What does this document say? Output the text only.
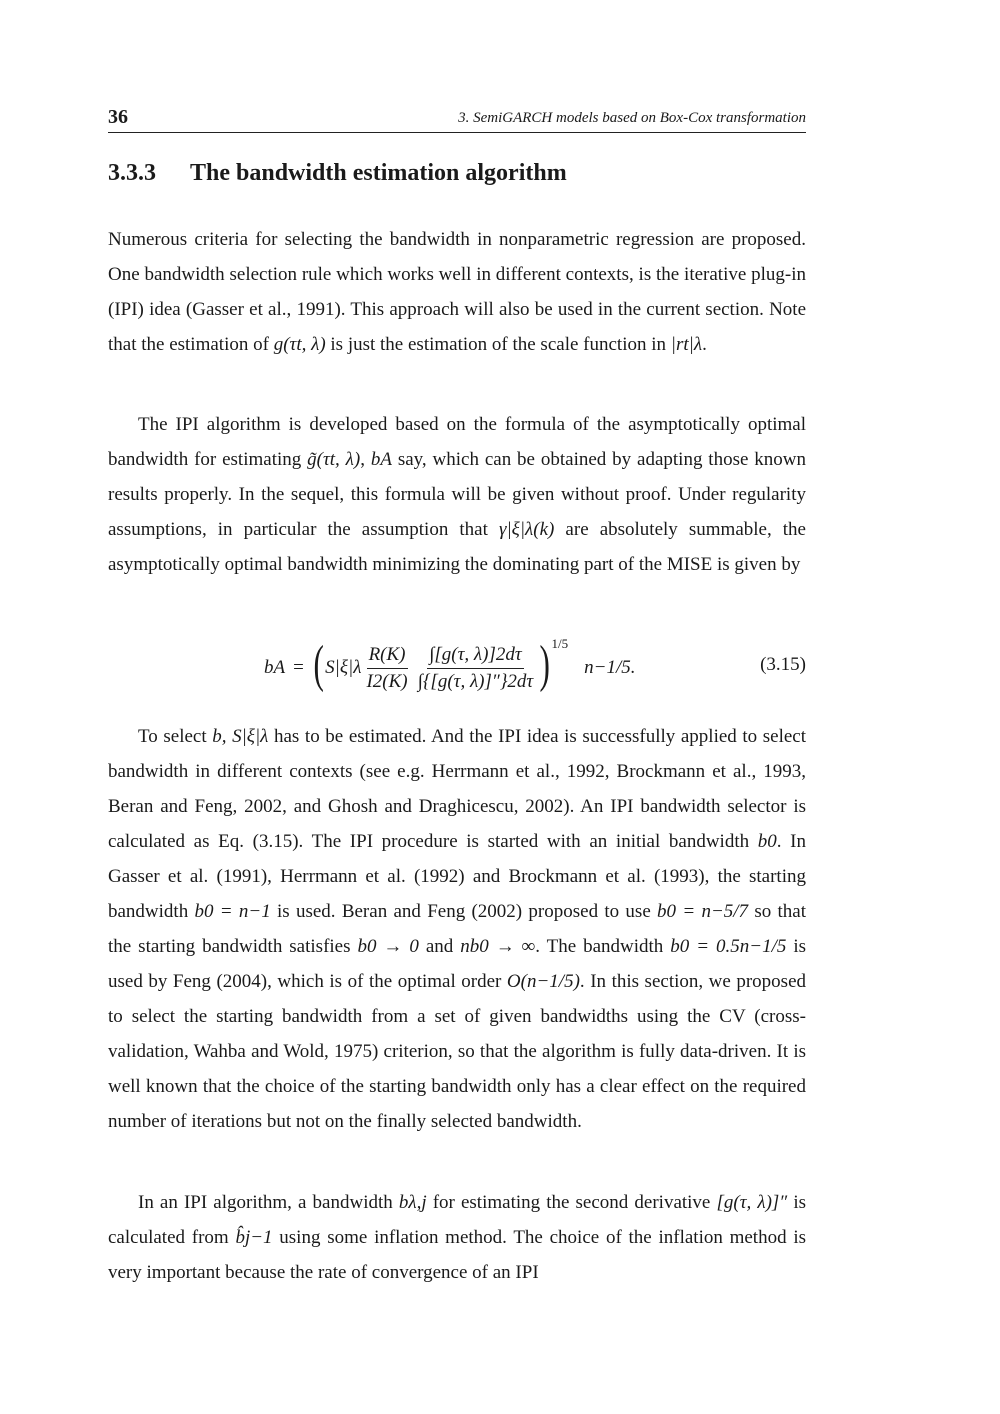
36	3. SemiGARCH models based on Box-Cox transformation
3.3.3 The bandwidth estimation algorithm

Numerous criteria for selecting the bandwidth in nonparametric regression are proposed. One bandwidth selection rule which works well in different contexts, is the iterative plug-in (IPI) idea (Gasser et al., 1991). This approach will also be used in the current section. Note that the estimation of g(τt, λ) is just the estimation of the scale function in |rt|λ.

The IPI algorithm is developed based on the formula of the asymptotically optimal bandwidth for estimating g̃(τt, λ), bA say, which can be obtained by adapting those known results properly. In the sequel, this formula will be given without proof. Under regularity assumptions, in particular the assumption that γ|ξ|λ(k) are absolutely summable, the asymptotically optimal bandwidth minimizing the dominating part of the MISE is given by

bA = ( $S|\xi|\lambda \frac{R(K)}{I2(K)} \frac{\int[g(\tau, \lambda)]2d\tau}{\int\{[g(\tau, \lambda)]''\}2d\tau}$ ) 1/5
n−1/5.	(3.15)

To select b, S|ξ|λ has to be estimated. And the IPI idea is successfully applied to select bandwidth in different contexts (see e.g. Herrmann et al., 1992, Brockmann et al., 1993, Beran and Feng, 2002, and Ghosh and Draghicescu, 2002). An IPI bandwidth selector is calculated as Eq. (3.15). The IPI procedure is started with an initial bandwidth b0. In Gasser et al. (1991), Herrmann et al. (1992) and Brockmann et al. (1993), the starting bandwidth b0 = n−1 is used. Beran and Feng (2002) proposed to use b0 = n−5/7 so that the starting bandwidth satisfies b0 → 0 and nb0 → ∞. The bandwidth b0 = 0.5n−1/5 is used by Feng (2004), which is of the optimal order O(n−1/5). In this section, we proposed to select the starting bandwidth from a set of given bandwidths using the CV (cross-validation, Wahba and Wold, 1975) criterion, so that the algorithm is fully data-driven. It is well known that the choice of the starting bandwidth only has a clear effect on the required number of iterations but not on the finally selected bandwidth.

In an IPI algorithm, a bandwidth bλ,j for estimating the second derivative [g(τ, λ)]″ is calculated from b̂j−1 using some inflation method. The choice of the inflation method is very important because the rate of convergence of an IPI
